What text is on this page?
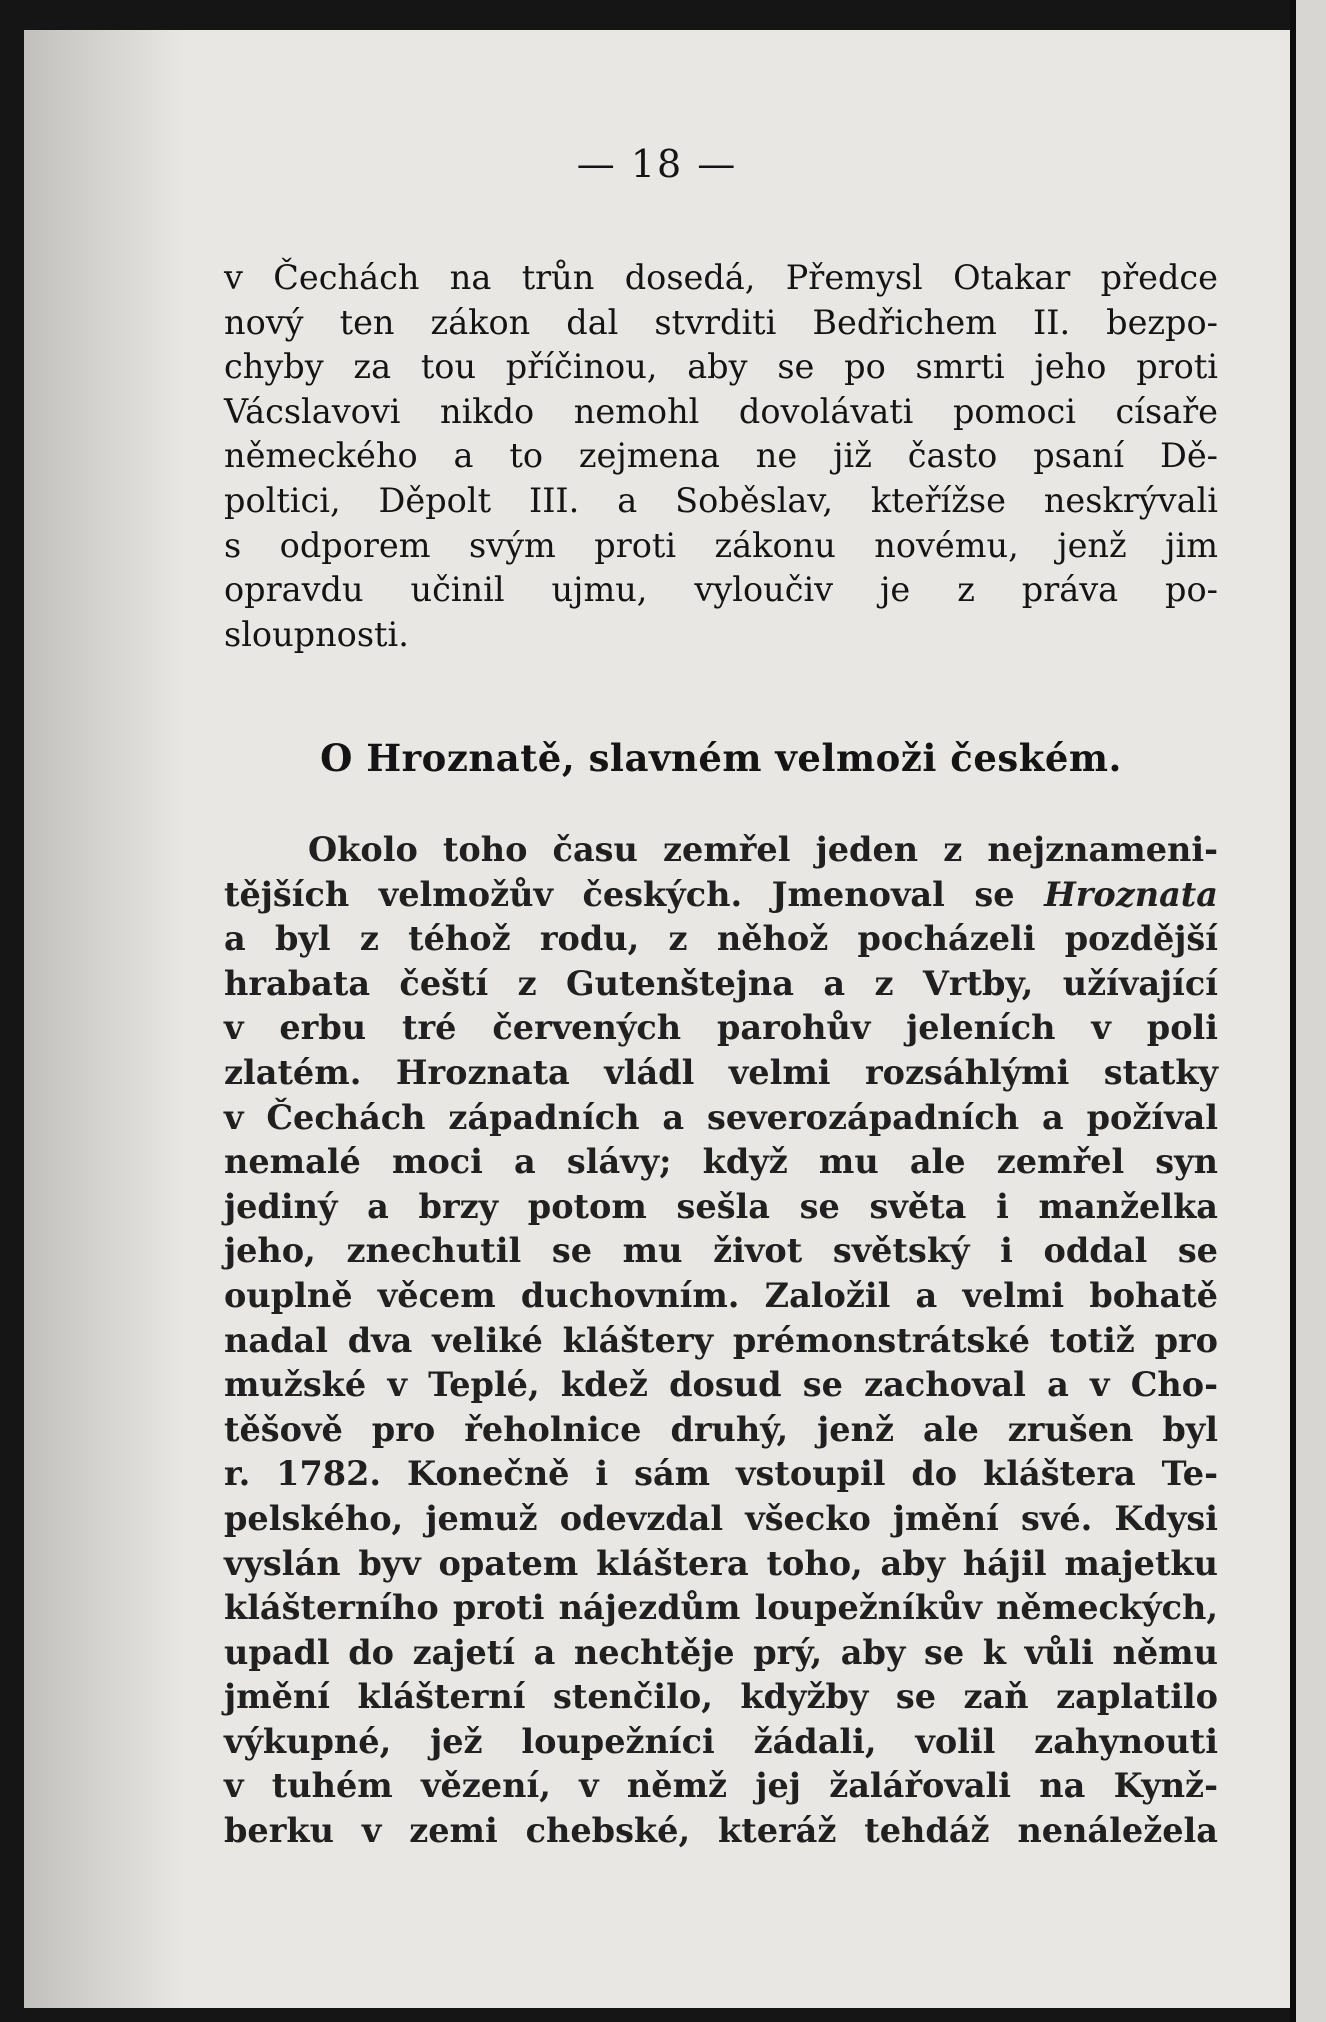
— 18 —
v Čechách na trůn dosedá, Přemysl Otakar předce
nový ten zákon dal stvrditi Bedřichem II. bezpo-
chyby za tou příčinou, aby se po smrti jeho proti
Vácslavovi nikdo nemohl dovolávati pomoci císaře
německého a to zejmena ne již často psaní Dě-
poltici, Děpolt III. a Soběslav, kteřížse neskrývali
s odporem svým proti zákonu novému, jenž jim
opravdu učinil ujmu, vyloučiv je z práva po-
sloupnosti.
O Hroznatě, slavném velmoži českém.
Okolo toho času zemřel jeden z nejznameni-
tějších velmožův českých. Jmenoval se Hroznata
a byl z téhož rodu, z něhož pocházeli pozdější
hrabata čeští z Gutenštejna a z Vrtby, užívající
v erbu tré červených parohův jeleních v poli
zlatém. Hroznata vládl velmi rozsáhlými statky
v Čechách západních a severozápadních a požíval
nemalé moci a slávy; když mu ale zemřel syn
jediný a brzy potom sešla se světa i manželka
jeho, znechutil se mu život světský i oddal se
ouplně věcem duchovním. Založil a velmi bohatě
nadal dva veliké kláštery prémonstrátské totiž pro
mužské v Teplé, kdež dosud se zachoval a v Cho-
těšově pro řeholnice druhý, jenž ale zrušen byl
r. 1782. Konečně i sám vstoupil do kláštera Te-
pelského, jemuž odevzdal všecko jmění své. Kdysi
vyslán byv opatem kláštera toho, aby hájil majetku
klášterního proti nájezdům loupežníkův německých,
upadl do zajetí a nechtěje prý, aby se k vůli němu
jmění klášterní stenčilo, kdyžby se zaň zaplatilo
výkupné, jež loupežníci žádali, volil zahynouti
v tuhém vězení, v němž jej žalářovali na Kynž-
berku v zemi chebské, kteráž tehdáž nenáležela
